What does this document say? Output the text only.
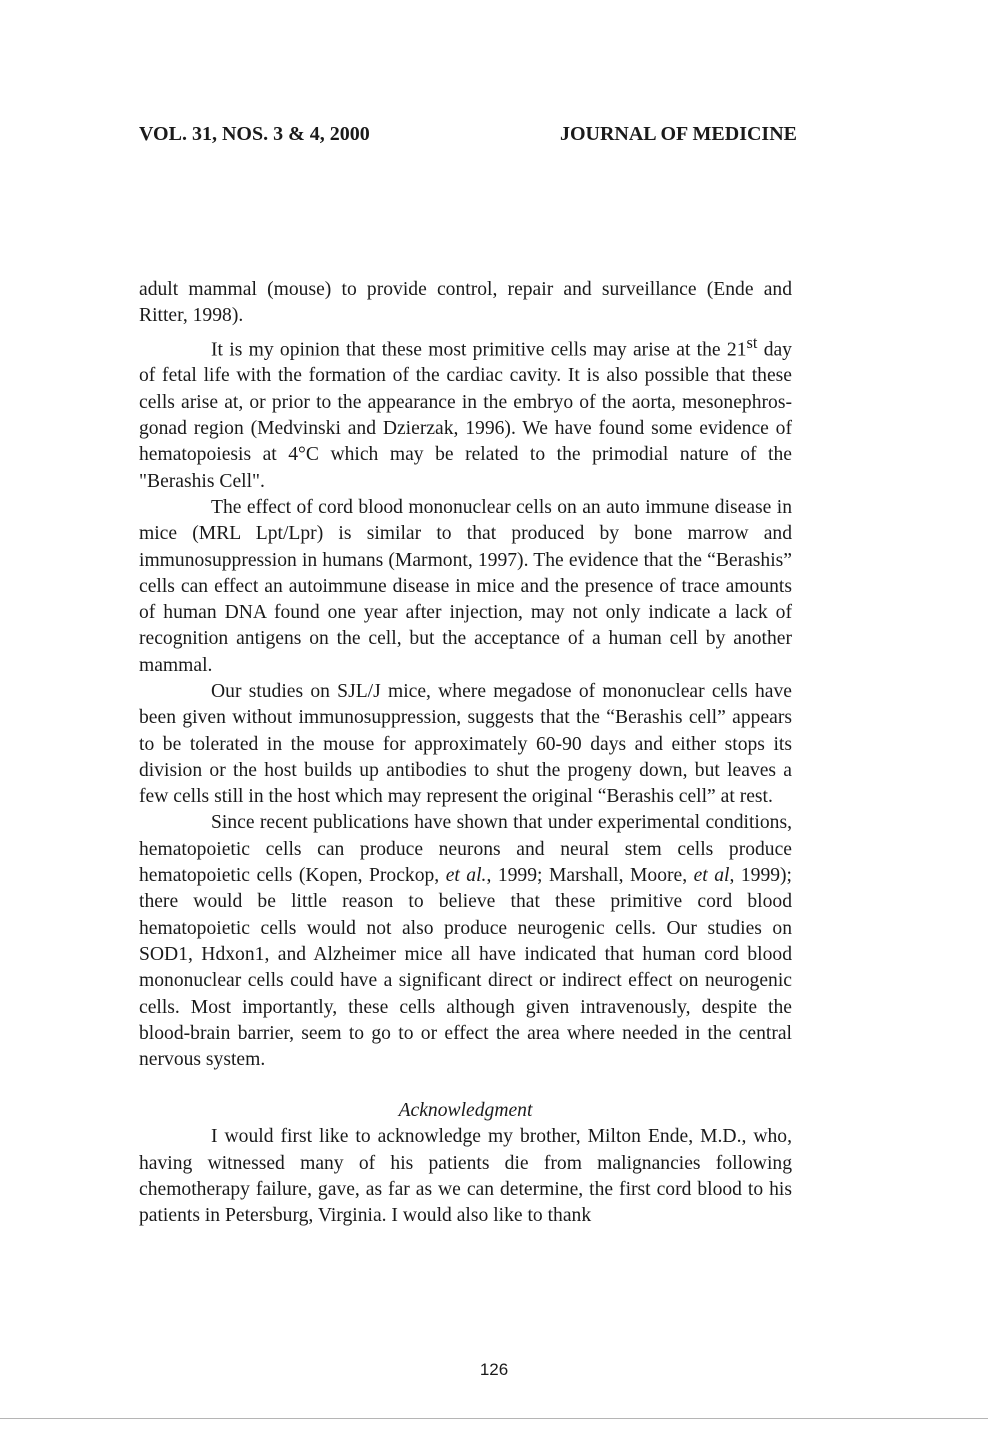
VOL. 31, NOS. 3 & 4, 2000	JOURNAL OF MEDICINE

adult mammal (mouse) to provide control, repair and surveillance (Ende and Ritter, 1998).

It is my opinion that these most primitive cells may arise at the 21st day of fetal life with the formation of the cardiac cavity. It is also possible that these cells arise at, or prior to the appearance in the embryo of the aorta, mesonephros-gonad region (Medvinski and Dzierzak, 1996). We have found some evidence of hematopoiesis at 4°C which may be related to the primodial nature of the "Berashis Cell".

The effect of cord blood mononuclear cells on an auto immune disease in mice (MRL Lpt/Lpr) is similar to that produced by bone marrow and immunosuppression in humans (Marmont, 1997). The evidence that the “Berashis” cells can effect an autoimmune disease in mice and the presence of trace amounts of human DNA found one year after injection, may not only indicate a lack of recognition antigens on the cell, but the acceptance of a human cell by another mammal.

Our studies on SJL/J mice, where megadose of mononuclear cells have been given without immunosuppression, suggests that the “Berashis cell” appears to be tolerated in the mouse for approximately 60-90 days and either stops its division or the host builds up antibodies to shut the progeny down, but leaves a few cells still in the host which may represent the original “Berashis cell” at rest.

Since recent publications have shown that under experimental conditions, hematopoietic cells can produce neurons and neural stem cells produce hematopoietic cells (Kopen, Prockop, et al., 1999; Marshall, Moore, et al, 1999); there would be little reason to believe that these primitive cord blood hematopoietic cells would not also produce neurogenic cells. Our studies on SOD1, Hdxon1, and Alzheimer mice all have indicated that human cord blood mononuclear cells could have a significant direct or indirect effect on neurogenic cells. Most importantly, these cells although given intravenously, despite the blood-brain barrier, seem to go to or effect the area where needed in the central nervous system.

Acknowledgment

I would first like to acknowledge my brother, Milton Ende, M.D., who, having witnessed many of his patients die from malignancies following chemotherapy failure, gave, as far as we can determine, the first cord blood to his patients in Petersburg, Virginia. I would also like to thank

126
